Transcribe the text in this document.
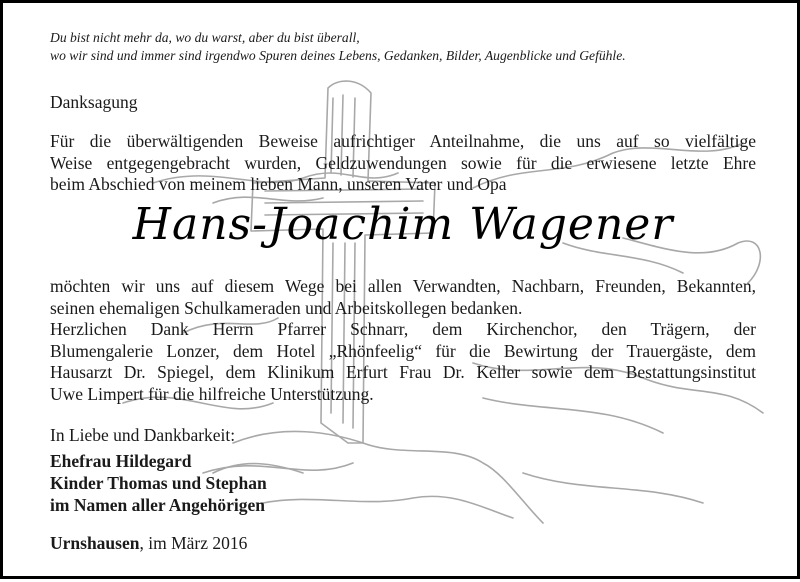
Du bist nicht mehr da, wo du warst, aber du bist überall,
wo wir sind und immer sind irgendwo Spuren deines Lebens, Gedanken, Bilder, Augenblicke und Gefühle.
Danksagung
Für die überwältigenden Beweise aufrichtiger Anteilnahme, die uns auf so vielfältige
Weise entgegengebracht wurden, Geldzuwendungen sowie für die erwiesene letzte Ehre
beim Abschied von meinem lieben Mann, unseren Vater und Opa
Hans-Joachim Wagener
möchten wir uns auf diesem Wege bei allen Verwandten, Nachbarn, Freunden, Bekannten,
seinen ehemaligen Schulkameraden und Arbeitskollegen bedanken.
Herzlichen Dank Herrn Pfarrer Schnarr, dem Kirchenchor, den Trägern, der
Blumengalerie Lonzer, dem Hotel „Rhönfeelig“ für die Bewirtung der Trauergäste, dem
Hausarzt Dr. Spiegel, dem Klinikum Erfurt Frau Dr. Keller sowie dem Bestattungsinstitut
Uwe Limpert für die hilfreiche Unterstützung.
In Liebe und Dankbarkeit:
Ehefrau Hildegard
Kinder Thomas und Stephan
im Namen aller Angehörigen
Urnshausen, im März 2016
